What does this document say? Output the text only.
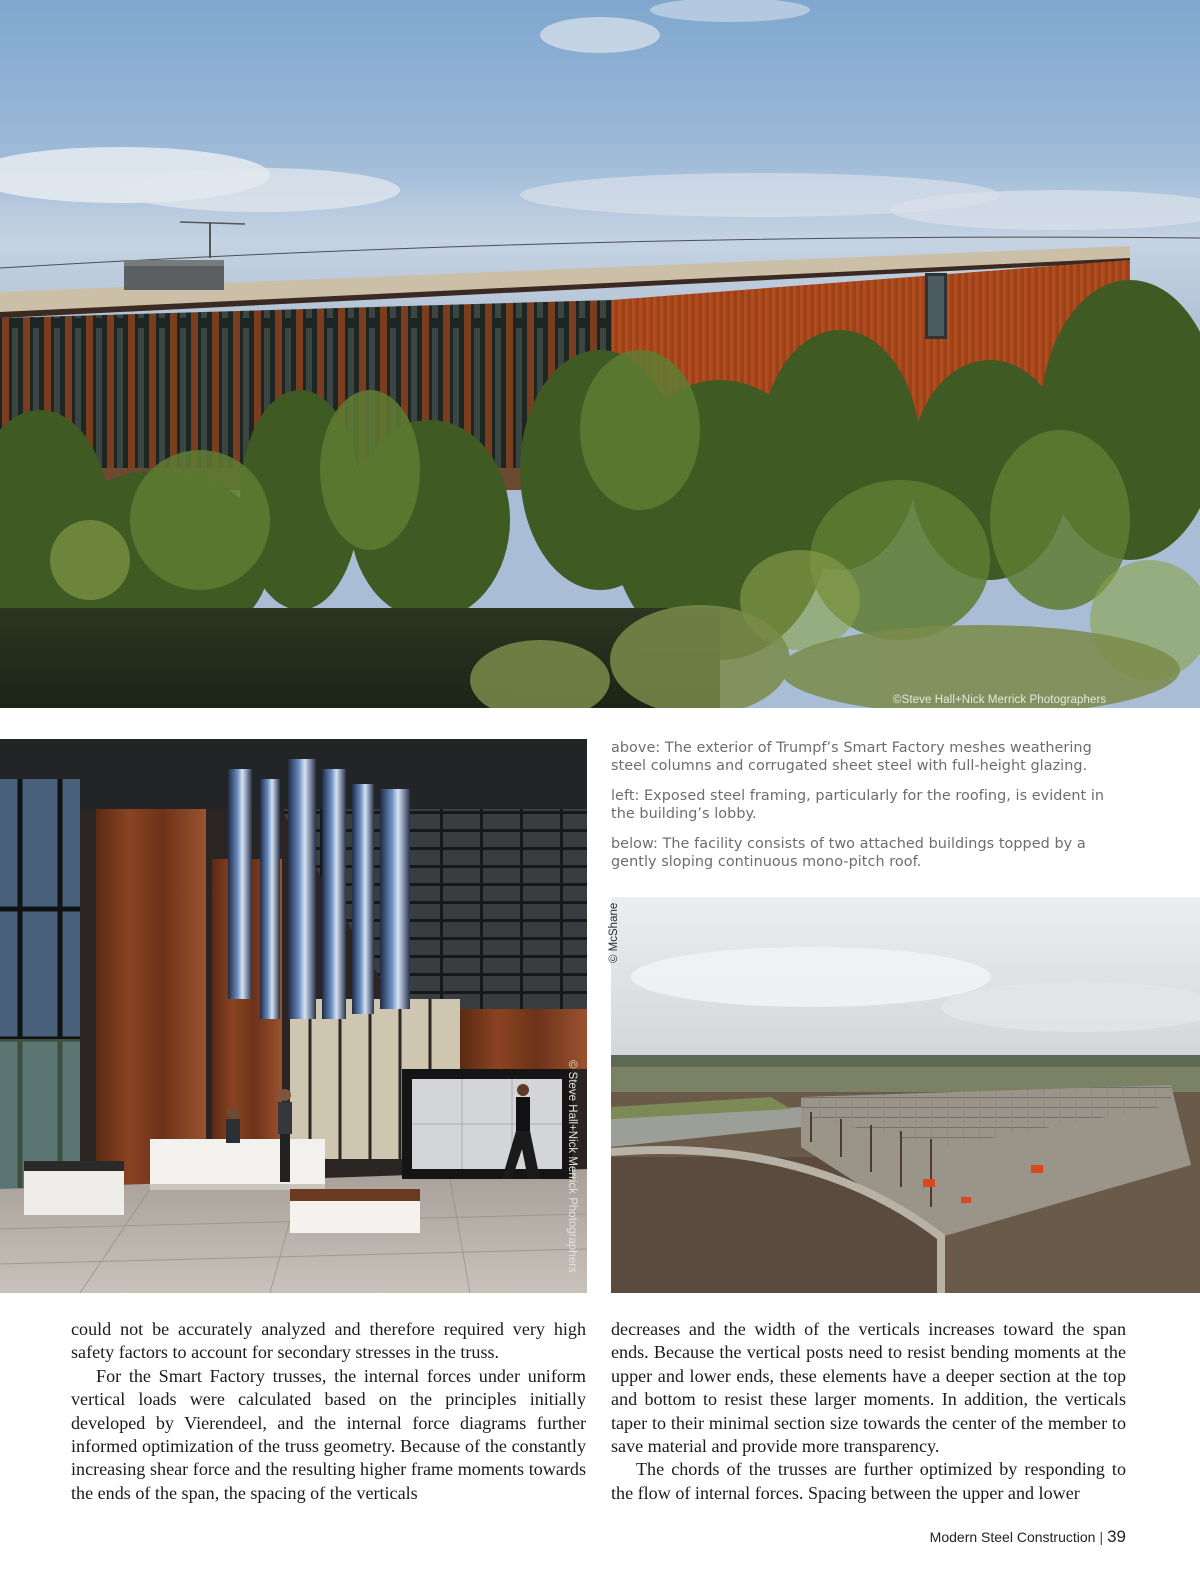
©Steve Hall+Nick Merrick Photographers
© Steve Hall+Nick Merrick Photographers

above: The exterior of Trumpf’s Smart Factory meshes weathering steel columns and corrugated sheet steel with full-height glazing.

left: Exposed steel framing, particularly for the roofing, is evident in the building’s lobby.

below: The facility consists of two attached buildings topped by a gently sloping continuous mono-pitch roof.

© McShane

could not be accurately analyzed and therefore required very high safety factors to account for secondary stresses in the truss.

For the Smart Factory trusses, the internal forces under uniform vertical loads were calculated based on the principles initially developed by Vierendeel, and the internal force diagrams further informed optimization of the truss geometry. Because of the constantly increasing shear force and the resulting higher frame moments towards the ends of the span, the spacing of the verticals

decreases and the width of the verticals increases toward the span ends. Because the vertical posts need to resist bending moments at the upper and lower ends, these elements have a deeper section at the top and bottom to resist these larger moments. In addition, the verticals taper to their minimal section size towards the center of the member to save material and provide more transparency.

The chords of the trusses are further optimized by responding to the flow of internal forces. Spacing between the upper and lower

Modern Steel Construction | 39
